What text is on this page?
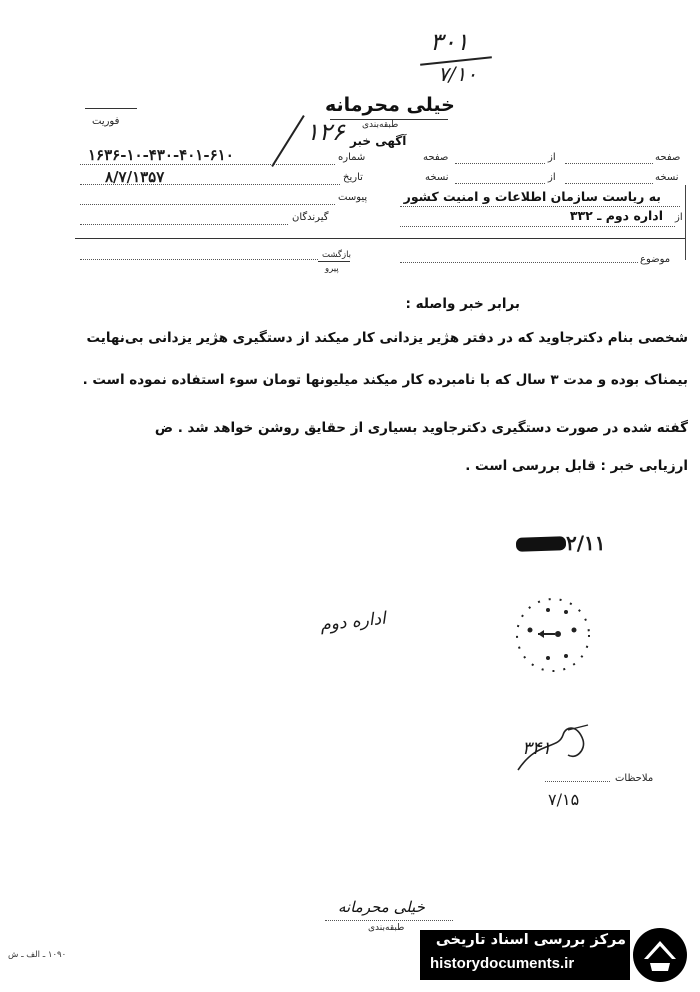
۳۰۱
۷/۱۰
فوریت
خیلی محرمانه
طبقه‌بندی
آگهی خبر
۱۲۶
صفحه
از
صفحه
نسخه
از
نسخه
به ریاست سازمان اطلاعات و امنیت کشور
از
اداره دوم ـ ۳۳۲
موضوع
شماره
۱۶۳۶-۱۰-۴۳۰-۴۰۱-۶۱۰
تاریخ
۸/۷/۱۳۵۷
پیوست
گیرندگان
بازگشت
پیرو
برابر خبر واصله :
شخصی بنام دکترجاوید که در دفتر هژیر یزدانی کار میکند از دستگیری هژیر یزدانی بی‌نهایت
بیمناک بوده و مدت ۳ سال که با نامبرده کار میکند میلیونها تومان سوء استفاده نموده است .
گفته شده در صورت دستگیری دکترجاوید بسیاری از حقایق روشن خواهد شد . ض
ارزیابی خبر : قابل بررسی است .
۲/۱۱
اداره دوم
۳۴۱
ملاحظات
۷/۱۵
خیلی محرمانه
طبقه‌بندی
۱۰۹۰ ـ الف ـ ش
مرکز بررسی اسناد تاریخی
historydocuments.ir
